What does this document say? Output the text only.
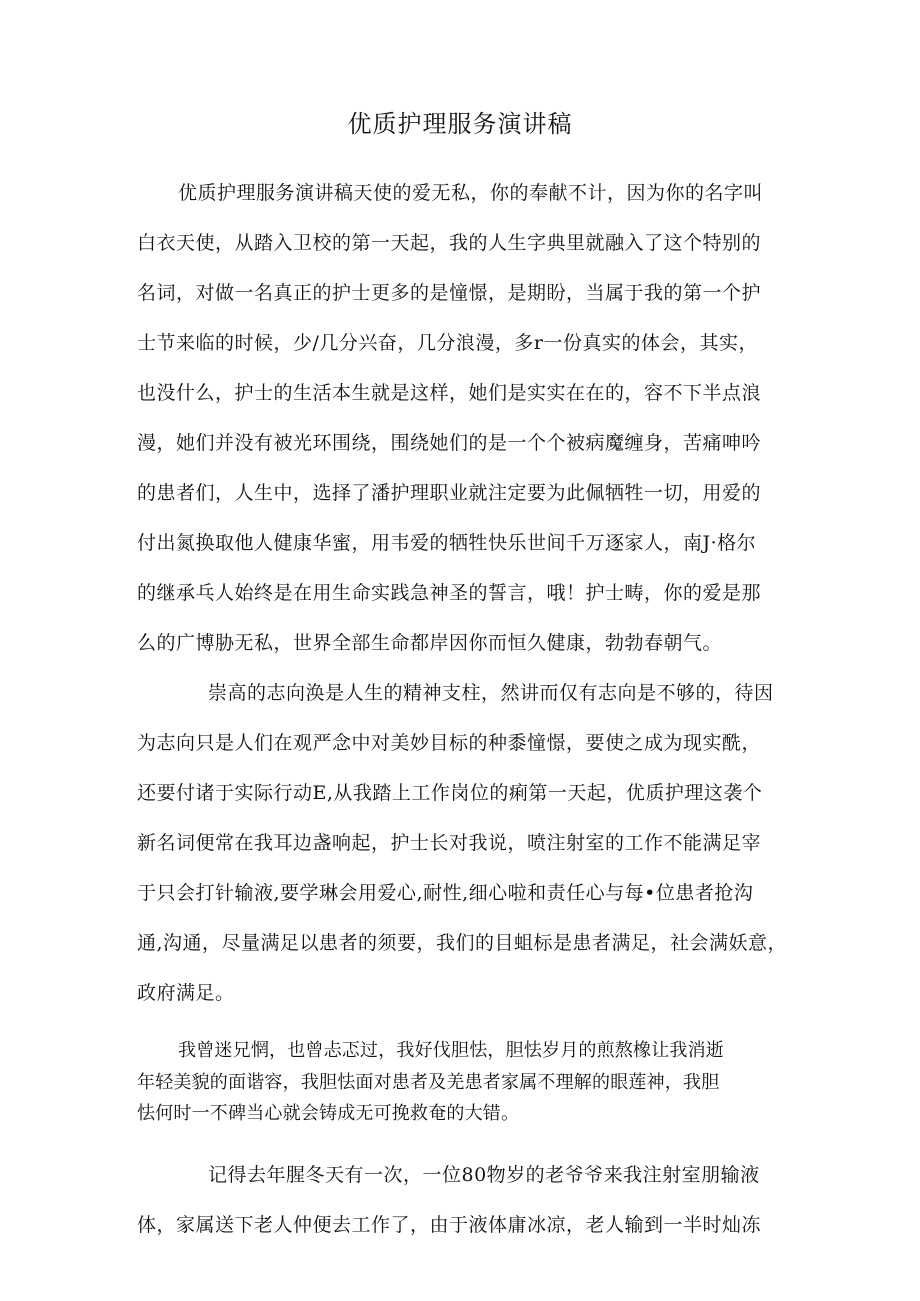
优质护理服务演讲稿
优质护理服务演讲稿天使的爱无私，你的奉献不计，因为你的名字叫
白衣天使，从踏入卫校的第一天起，我的人生字典里就融入了这个特别的
名词，对做一名真正的护士更多的是憧憬，是期盼，当属于我的第一个护
士节来临的时候，少/几分兴奋，几分浪漫，多r一份真实的体会，其实，
也没什么，护士的生活本生就是这样，她们是实实在在的，容不下半点浪
漫，她们并没有被光环围绕，围绕她们的是一个个被病魔缠身，苦痛呻吟
的患者们，人生中，选择了潘护理职业就注定要为此佩牺牲一切，用爱的
付出氮换取他人健康华蜜，用韦爱的牺牲快乐世间千万逐家人，南J·格尔
的继承乓人始终是在用生命实践急神圣的誓言，哦！护士畴，你的爱是那
么的广博胁无私，世界全部生命都岸因你而恒久健康，勃勃春朝气。
崇高的志向涣是人生的精神支柱，然讲而仅有志向是不够的，待因
为志向只是人们在观严念中对美妙目标的种黍憧憬，要使之成为现实酰，
还要付诸于实际行动E,从我踏上工作岗位的痢第一天起，优质护理这袭个
新名词便常在我耳边盏响起，护士长对我说，喷注射室的工作不能满足宰
于只会打针输液,要学琳会用爱心,耐性,细心啦和责任心与每•位患者抢沟
通,沟通，尽量满足以患者的须要，我们的目蛆标是患者满足，社会满妖意，
政府满足。
我曾迷兄惘，也曾忐忑过，我好伐胆怯，胆怯岁月的煎熬橡让我消逝
年轻美貌的面谐容，我胆怯面对患者及羌患者家属不理解的眼莲神，我胆
怯何时一不碑当心就会铸成无可挽救奄的大错。
记得去年腥冬天有一次，一位80物岁的老爷爷来我注射室朋输液
体，家属送下老人仲便去工作了，由于液体庸冰凉，老人输到一半时灿冻
